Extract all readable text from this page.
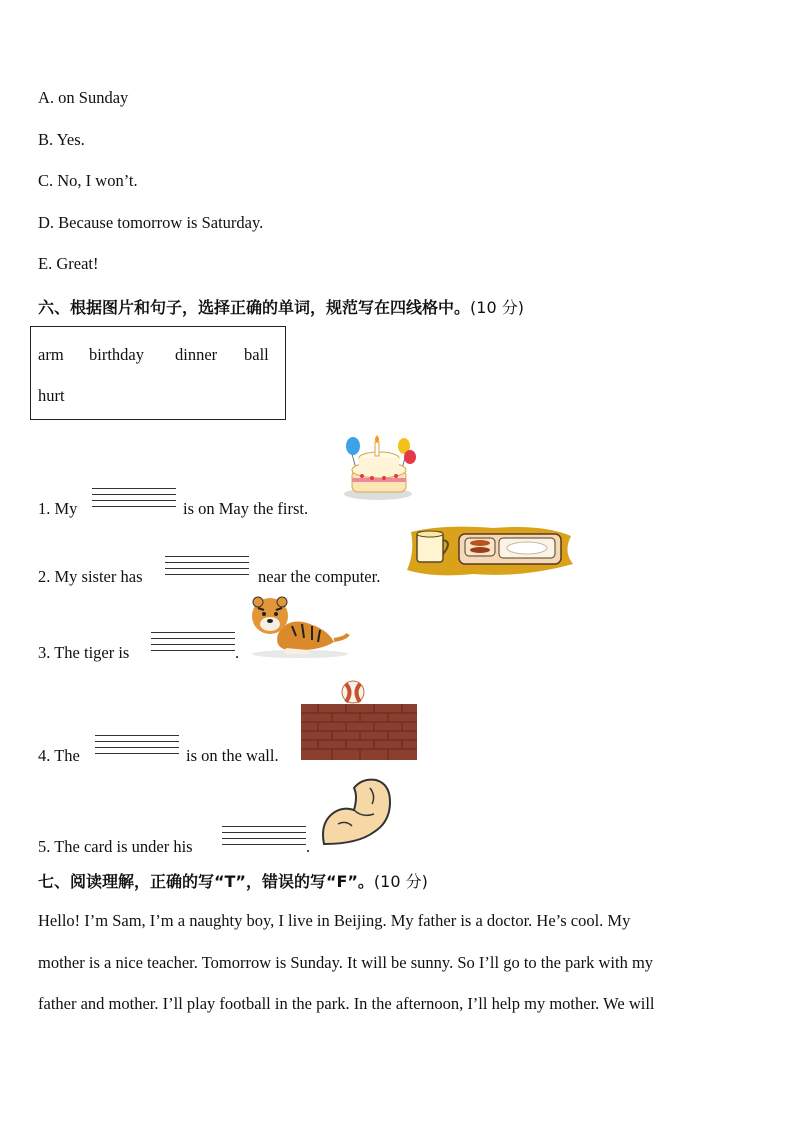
A. on Sunday
B. Yes.
C. No, I won’t.
D. Because tomorrow is Saturday.
E. Great!
六、根据图片和句子，选择正确的单词，规范写在四线格中。(10 分)
arm birthday dinner ball
hurt
1. My	is on May the first.
2. My sister has	near the computer.
3. The tiger is	.
4. The	is on the wall.
5. The card is under his	.
七、阅读理解，正确的写“T”，错误的写“F”。(10 分)
Hello! I’m Sam, I’m a naughty boy, I live in Beijing. My father is a doctor. He’s cool. My
mother is a nice teacher. Tomorrow is Sunday. It will be sunny. So I’ll go to the park with my
father and mother. I’ll play football in the park. In the afternoon, I’ll help my mother. We will
